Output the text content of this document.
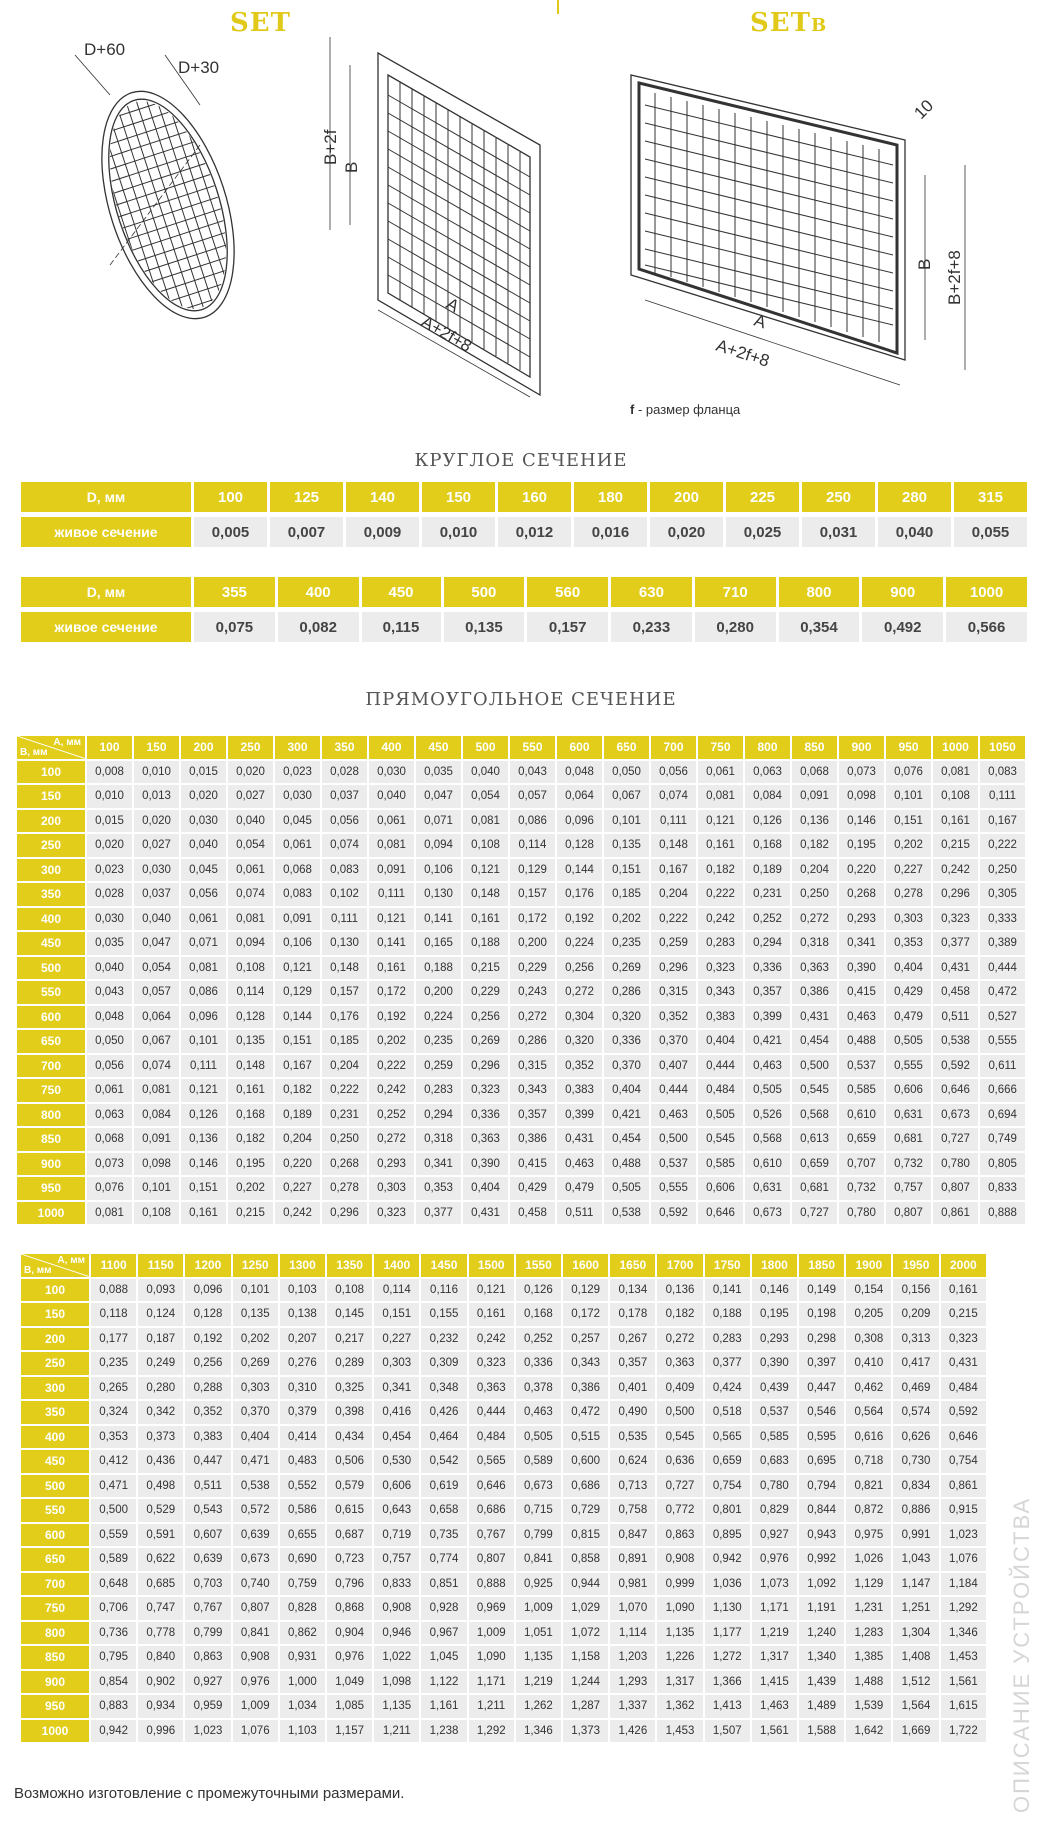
SET	SETB
D+60
D+30
B+2f
B
A
A+2f+8
10
B B+2f+8
A
A+2f+8
f - размер фланца
КРУГЛОЕ СЕЧЕНИЕ
D, мм	100	125	140	150	160	180	200	225	250	280	315

живое сечение	0,005	0,007	0,009	0,010	0,012	0,016	0,020	0,025	0,031	0,040	0,055
D, мм	355	400	450	500	560	630	710	800	900	1000

живое сечение	0,075	0,082	0,115	0,135	0,157	0,233	0,280	0,354	0,492	0,566
ПРЯМОУГОЛЬНОЕ СЕЧЕНИЕ
А, мм
B, мм	100	150	200	250	300	350	400	450	500	550	600	650	700	750	800	850	900	950	1000	1050
100	0,008	0,010	0,015	0,020	0,023	0,028	0,030	0,035	0,040	0,043	0,048	0,050	0,056	0,061	0,063	0,068	0,073	0,076	0,081	0,083
150	0,010	0,013	0,020	0,027	0,030	0,037	0,040	0,047	0,054	0,057	0,064	0,067	0,074	0,081	0,084	0,091	0,098	0,101	0,108	0,111
200	0,015	0,020	0,030	0,040	0,045	0,056	0,061	0,071	0,081	0,086	0,096	0,101	0,111	0,121	0,126	0,136	0,146	0,151	0,161	0,167
250	0,020	0,027	0,040	0,054	0,061	0,074	0,081	0,094	0,108	0,114	0,128	0,135	0,148	0,161	0,168	0,182	0,195	0,202	0,215	0,222
300	0,023	0,030	0,045	0,061	0,068	0,083	0,091	0,106	0,121	0,129	0,144	0,151	0,167	0,182	0,189	0,204	0,220	0,227	0,242	0,250
350	0,028	0,037	0,056	0,074	0,083	0,102	0,111	0,130	0,148	0,157	0,176	0,185	0,204	0,222	0,231	0,250	0,268	0,278	0,296	0,305
400	0,030	0,040	0,061	0,081	0,091	0,111	0,121	0,141	0,161	0,172	0,192	0,202	0,222	0,242	0,252	0,272	0,293	0,303	0,323	0,333
450	0,035	0,047	0,071	0,094	0,106	0,130	0,141	0,165	0,188	0,200	0,224	0,235	0,259	0,283	0,294	0,318	0,341	0,353	0,377	0,389
500	0,040	0,054	0,081	0,108	0,121	0,148	0,161	0,188	0,215	0,229	0,256	0,269	0,296	0,323	0,336	0,363	0,390	0,404	0,431	0,444
550	0,043	0,057	0,086	0,114	0,129	0,157	0,172	0,200	0,229	0,243	0,272	0,286	0,315	0,343	0,357	0,386	0,415	0,429	0,458	0,472
600	0,048	0,064	0,096	0,128	0,144	0,176	0,192	0,224	0,256	0,272	0,304	0,320	0,352	0,383	0,399	0,431	0,463	0,479	0,511	0,527
650	0,050	0,067	0,101	0,135	0,151	0,185	0,202	0,235	0,269	0,286	0,320	0,336	0,370	0,404	0,421	0,454	0,488	0,505	0,538	0,555
700	0,056	0,074	0,111	0,148	0,167	0,204	0,222	0,259	0,296	0,315	0,352	0,370	0,407	0,444	0,463	0,500	0,537	0,555	0,592	0,611
750	0,061	0,081	0,121	0,161	0,182	0,222	0,242	0,283	0,323	0,343	0,383	0,404	0,444	0,484	0,505	0,545	0,585	0,606	0,646	0,666
800	0,063	0,084	0,126	0,168	0,189	0,231	0,252	0,294	0,336	0,357	0,399	0,421	0,463	0,505	0,526	0,568	0,610	0,631	0,673	0,694
850	0,068	0,091	0,136	0,182	0,204	0,250	0,272	0,318	0,363	0,386	0,431	0,454	0,500	0,545	0,568	0,613	0,659	0,681	0,727	0,749
900	0,073	0,098	0,146	0,195	0,220	0,268	0,293	0,341	0,390	0,415	0,463	0,488	0,537	0,585	0,610	0,659	0,707	0,732	0,780	0,805
950	0,076	0,101	0,151	0,202	0,227	0,278	0,303	0,353	0,404	0,429	0,479	0,505	0,555	0,606	0,631	0,681	0,732	0,757	0,807	0,833
1000	0,081	0,108	0,161	0,215	0,242	0,296	0,323	0,377	0,431	0,458	0,511	0,538	0,592	0,646	0,673	0,727	0,780	0,807	0,861	0,888
А, мм
B, мм	1100	1150	1200	1250	1300	1350	1400	1450	1500	1550	1600	1650	1700	1750	1800	1850	1900	1950	2000
100	0,088	0,093	0,096	0,101	0,103	0,108	0,114	0,116	0,121	0,126	0,129	0,134	0,136	0,141	0,146	0,149	0,154	0,156	0,161
150	0,118	0,124	0,128	0,135	0,138	0,145	0,151	0,155	0,161	0,168	0,172	0,178	0,182	0,188	0,195	0,198	0,205	0,209	0,215
200	0,177	0,187	0,192	0,202	0,207	0,217	0,227	0,232	0,242	0,252	0,257	0,267	0,272	0,283	0,293	0,298	0,308	0,313	0,323
250	0,235	0,249	0,256	0,269	0,276	0,289	0,303	0,309	0,323	0,336	0,343	0,357	0,363	0,377	0,390	0,397	0,410	0,417	0,431
300	0,265	0,280	0,288	0,303	0,310	0,325	0,341	0,348	0,363	0,378	0,386	0,401	0,409	0,424	0,439	0,447	0,462	0,469	0,484
350	0,324	0,342	0,352	0,370	0,379	0,398	0,416	0,426	0,444	0,463	0,472	0,490	0,500	0,518	0,537	0,546	0,564	0,574	0,592
400	0,353	0,373	0,383	0,404	0,414	0,434	0,454	0,464	0,484	0,505	0,515	0,535	0,545	0,565	0,585	0,595	0,616	0,626	0,646
450	0,412	0,436	0,447	0,471	0,483	0,506	0,530	0,542	0,565	0,589	0,600	0,624	0,636	0,659	0,683	0,695	0,718	0,730	0,754
500	0,471	0,498	0,511	0,538	0,552	0,579	0,606	0,619	0,646	0,673	0,686	0,713	0,727	0,754	0,780	0,794	0,821	0,834	0,861
550	0,500	0,529	0,543	0,572	0,586	0,615	0,643	0,658	0,686	0,715	0,729	0,758	0,772	0,801	0,829	0,844	0,872	0,886	0,915
600	0,559	0,591	0,607	0,639	0,655	0,687	0,719	0,735	0,767	0,799	0,815	0,847	0,863	0,895	0,927	0,943	0,975	0,991	1,023
650	0,589	0,622	0,639	0,673	0,690	0,723	0,757	0,774	0,807	0,841	0,858	0,891	0,908	0,942	0,976	0,992	1,026	1,043	1,076
700	0,648	0,685	0,703	0,740	0,759	0,796	0,833	0,851	0,888	0,925	0,944	0,981	0,999	1,036	1,073	1,092	1,129	1,147	1,184
750	0,706	0,747	0,767	0,807	0,828	0,868	0,908	0,928	0,969	1,009	1,029	1,070	1,090	1,130	1,171	1,191	1,231	1,251	1,292
800	0,736	0,778	0,799	0,841	0,862	0,904	0,946	0,967	1,009	1,051	1,072	1,114	1,135	1,177	1,219	1,240	1,283	1,304	1,346
850	0,795	0,840	0,863	0,908	0,931	0,976	1,022	1,045	1,090	1,135	1,158	1,203	1,226	1,272	1,317	1,340	1,385	1,408	1,453
900	0,854	0,902	0,927	0,976	1,000	1,049	1,098	1,122	1,171	1,219	1,244	1,293	1,317	1,366	1,415	1,439	1,488	1,512	1,561
950	0,883	0,934	0,959	1,009	1,034	1,085	1,135	1,161	1,211	1,262	1,287	1,337	1,362	1,413	1,463	1,489	1,539	1,564	1,615
1000	0,942	0,996	1,023	1,076	1,103	1,157	1,211	1,238	1,292	1,346	1,373	1,426	1,453	1,507	1,561	1,588	1,642	1,669	1,722
Возможно изготовление с промежуточными размерами.	ОПИСАНИЕ УСТРОЙСТВА
